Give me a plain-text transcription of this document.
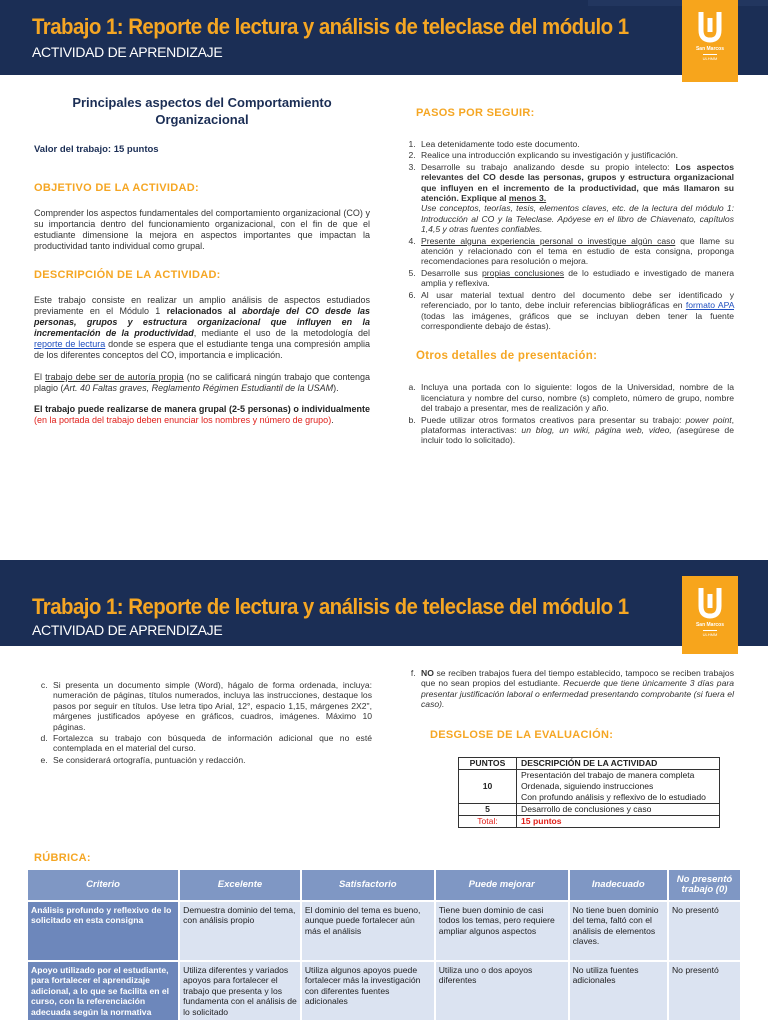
Trabajo 1: Reporte de lectura y análisis de teleclase del módulo 1
ACTIVIDAD DE APRENDIZAJE	San Marcos
ULHMM
Principales aspectos del Comportamiento Organizacional
Valor del trabajo: 15 puntos
OBJETIVO DE LA ACTIVIDAD:
Comprender los aspectos fundamentales del comportamiento organizacional (CO) y su importancia dentro del funcionamiento organizacional, con el fin de que el estudiante dimensione la mejora en aspectos importantes que impactan la productividad tanto individual como grupal.
DESCRIPCIÓN DE LA ACTIVIDAD:
Este trabajo consiste en realizar un amplio análisis de aspectos estudiados previamente en el Módulo 1 relacionados al abordaje del CO desde las personas, grupos y estructura organizacional que influyen en la incrementación de la productividad, mediante el uso de la metodología del reporte de lectura donde se espera que el estudiante tenga una compresión amplia de los diferentes conceptos del CO, importancia e implicación.
El trabajo debe ser de autoría propia (no se calificará ningún trabajo que contenga plagio (Art. 40 Faltas graves, Reglamento Régimen Estudiantil de la USAM).
El trabajo puede realizarse de manera grupal (2-5 personas) o individualmente (en la portada del trabajo deben enunciar los nombres y número de grupo).
PASOS POR SEGUIR:
1. Lea detenidamente todo este documento.
2. Realice una introducción explicando su investigación y justificación.
3. Desarrolle su trabajo analizando desde su propio intelecto: Los aspectos relevantes del CO desde las personas, grupos y estructura organizacional que influyen en el incremento de la productividad, que más llamaron su atención. Explique al menos 3.
Use conceptos, teorías, tesis, elementos claves, etc. de la lectura del módulo 1: Introducción al CO y la Teleclase. Apóyese en el libro de Chiavenato, capítulos 1,4,5 y otras fuentes confiables.
4. Presente alguna experiencia personal o investigue algún caso que llame su atención y relacionado con el tema en estudio de esta consigna, proponga recomendaciones para resolución o mejora.
5. Desarrolle sus propias conclusiones de lo estudiado e investigado de manera amplia y reflexiva.
6. Al usar material textual dentro del documento debe ser identificado y referenciado, por lo tanto, debe incluir referencias bibliográficas en formato APA (todas las imágenes, gráficos que se incluyan deben tener la fuente correspondiente debajo de éstas).
Otros detalles de presentación:
a. Incluya una portada con lo siguiente: logos de la Universidad, nombre de la licenciatura y nombre del curso, nombre (s) completo, número de grupo, nombre del trabajo a presentar, mes de realización y año.
b. Puede utilizar otros formatos creativos para presentar su trabajo: power point, plataformas interactivas: un blog, un wiki, página web, video, (asegúrese de incluir todo lo solicitado).
Trabajo 1: Reporte de lectura y análisis de teleclase del módulo 1
ACTIVIDAD DE APRENDIZAJE	San Marcos
ULHMM
c. Si presenta un documento simple (Word), hágalo de forma ordenada, incluya: numeración de páginas, títulos numerados, incluya las instrucciones, destaque los pasos por seguir en títulos. Use letra tipo Arial, 12°, espacio 1,15, márgenes 2X2", márgenes justificados apóyese en gráficos, cuadros, imágenes. Máximo 10 páginas.
d. Fortalezca su trabajo con búsqueda de información adicional que no esté contemplada en el material del curso.
e. Se considerará ortografía, puntuación y redacción.
f. NO se reciben trabajos fuera del tiempo establecido, tampoco se reciben trabajos que no sean propios del estudiante. Recuerde que tiene únicamente 3 días para presentar justificación laboral o enfermedad presentando comprobante (si fuera el caso).
DESGLOSE DE LA EVALUACIÓN:
PUNTOS	DESCRIPCIÓN DE LA ACTIVIDAD
10	Presentación del trabajo de manera completa
Ordenada, siguiendo instrucciones
Con profundo análisis y reflexivo de lo estudiado

5	Desarrollo de conclusiones y caso
Total:	15 puntos
RÚBRICA:
Criterio	Excelente	Satisfactorio	Puede mejorar	Inadecuado	No presentó trabajo (0)
Análisis profundo y reflexivo de lo solicitado en esta consigna	Demuestra dominio del tema, con análisis propio	El dominio del tema es bueno, aunque puede fortalecer aún más el análisis	Tiene buen dominio de casi todos los temas, pero requiere ampliar algunos aspectos	No tiene buen dominio del tema, faltó con el análisis de elementos claves.	No presentó
Apoyo utilizado por el estudiante, para fortalecer el aprendizaje adicional, a lo que se facilita en el curso, con la referenciación adecuada según la normativa	Utiliza diferentes y variados apoyos para fortalecer el trabajo que presenta y los fundamenta con el análisis de lo solicitado	Utiliza algunos apoyos puede fortalecer más la investigación con diferentes fuentes adicionales	Utiliza uno o dos apoyos diferentes	No utiliza fuentes adicionales	No presentó
